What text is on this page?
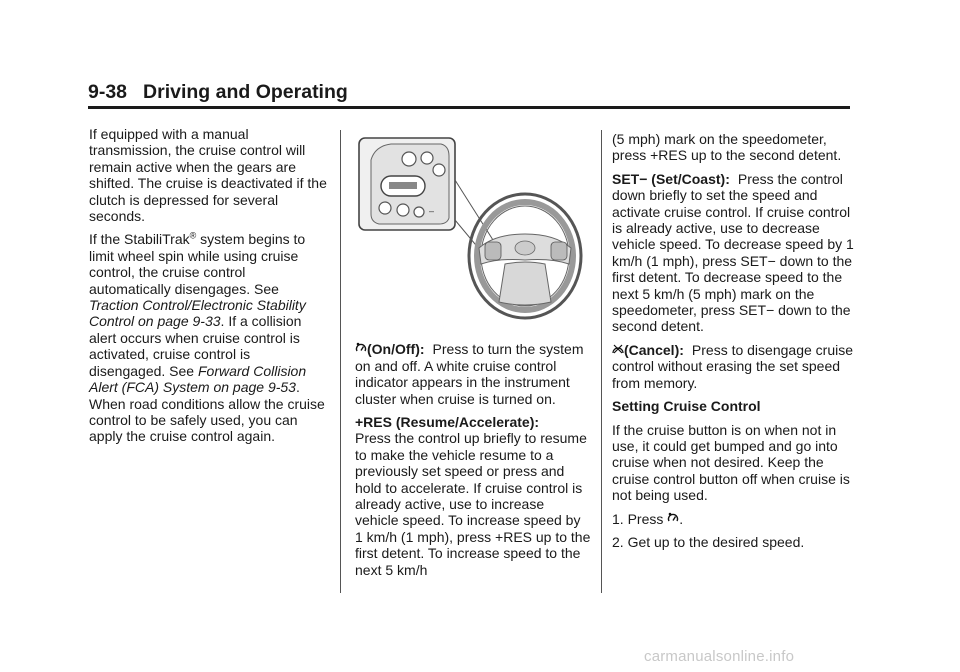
9-38 Driving and Operating

If equipped with a manual transmission, the cruise control will remain active when the gears are shifted. The cruise is deactivated if the clutch is depressed for several seconds.

If the StabiliTrak® system begins to limit wheel spin while using cruise control, the cruise control automatically disengages. See Traction Control/Electronic Stability Control on page 9-33. If a collision alert occurs when cruise control is activated, cruise control is disengaged. See Forward Collision Alert (FCA) System on page 9-53. When road conditions allow the cruise control to be safely used, you can apply the cruise control again.

–

(On/Off): Press to turn the system on and off. A white cruise control indicator appears in the instrument cluster when cruise is turned on.

+RES (Resume/Accelerate):
Press the control up briefly to resume to make the vehicle resume to a previously set speed or press and hold to accelerate. If cruise control is already active, use to increase vehicle speed. To increase speed by 1 km/h (1 mph), press +RES up to the first detent. To increase speed to the next 5 km/h

(5 mph) mark on the speedometer, press +RES up to the second detent.

SET− (Set/Coast): Press the control down briefly to set the speed and activate cruise control. If cruise control is already active, use to decrease vehicle speed. To decrease speed by 1 km/h (1 mph), press SET− down to the first detent. To decrease speed to the next 5 km/h (5 mph) mark on the speedometer, press SET− down to the second detent.

(Cancel): Press to disengage cruise control without erasing the set speed from memory.

Setting Cruise Control

If the cruise button is on when not in use, it could get bumped and go into cruise when not desired. Keep the cruise control button off when cruise is not being used.

1. Press .

2. Get up to the desired speed.

carmanualsonline.info
